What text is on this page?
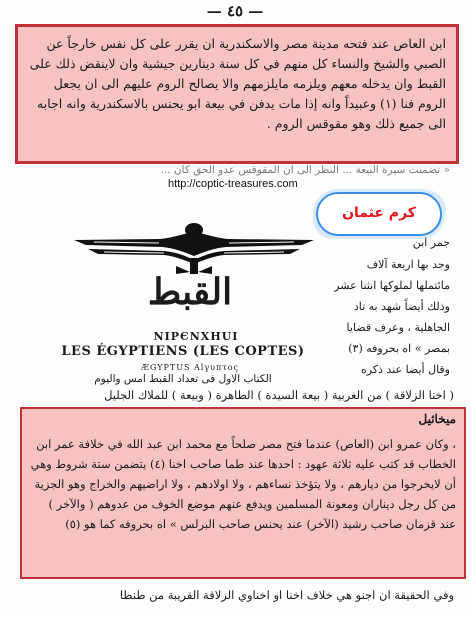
— ٤٥ —
ابن العاص عند فتحه مدينة مصر والاسكندرية ان يقرر على كل نفس خارجاً عن الصبي والشيخ والنساء كل منهم في كل سنة دينارين جيشية وان لاينقض ذلك على القبط وان يدخله معهم ويلزمه مايلزمهم والا يصالح الروم عليهم الى ان يجعل الروم فنا (١) وعبيداً وانه إذا مات يدفن في بيعة ابو يحنس بالاسكندرية وانه اجابه الى جميع ذلك وهو مقوقس الروم .
« تضمنت سيرة البيعة ... النظر الى ان المقوقس عدو الحق كان ...
http://coptic-treasures.com
كرم عثمان
القبط
NIPЄNXHUI
LES ÉGYPTIENS (LES COPTES)
ÆGYPTUS Aĭγυπτος
الكتاب الاول فى تعداد القبط امس واليوم
جمر ابن
وجد بها اربعة آلاف
مائتملها لملوكها انثنا عشر
وذلك أيضاً شهد به تاد
الجاهلية ، وعرف قضايا
بمصر » اه بحروفه (٣)
وقال أيضا عند ذكره
( اخنا الزلاقة ) من الغربية ( بيعة السيدة ) الطاهرة ( وبيعة ) للملاك الجليل
ميخائيل
، وكان عمرو ابن (العاص) عندما فتح مصر صلحاً مع محمد ابن عبد الله في خلافة عمر ابن الخطاب قد كتب عليه ثلاثة عهود : احدها عند طما صاحب اخنا (٤) يتضمن ستة شروط وهي أن لايخرجوا من ديارهم ، ولا يتؤخذ نساءهم ، ولا اولادهم ، ولا اراضيهم والخراج وهو الجزية من كل رجل ديناران ومعونة المسلمين ويدفع عنهم موضع الخوف من عدوهم ( والآخر ) عند قزمان صاحب رشيد (الآخر) عند يحنس صاحب البرلس » اه بحروفه كما هو (٥)
وفي الحقيقة ان اجنو هي خلاف اخنا او اخناوي الزلاقة القريبة من طنطا
